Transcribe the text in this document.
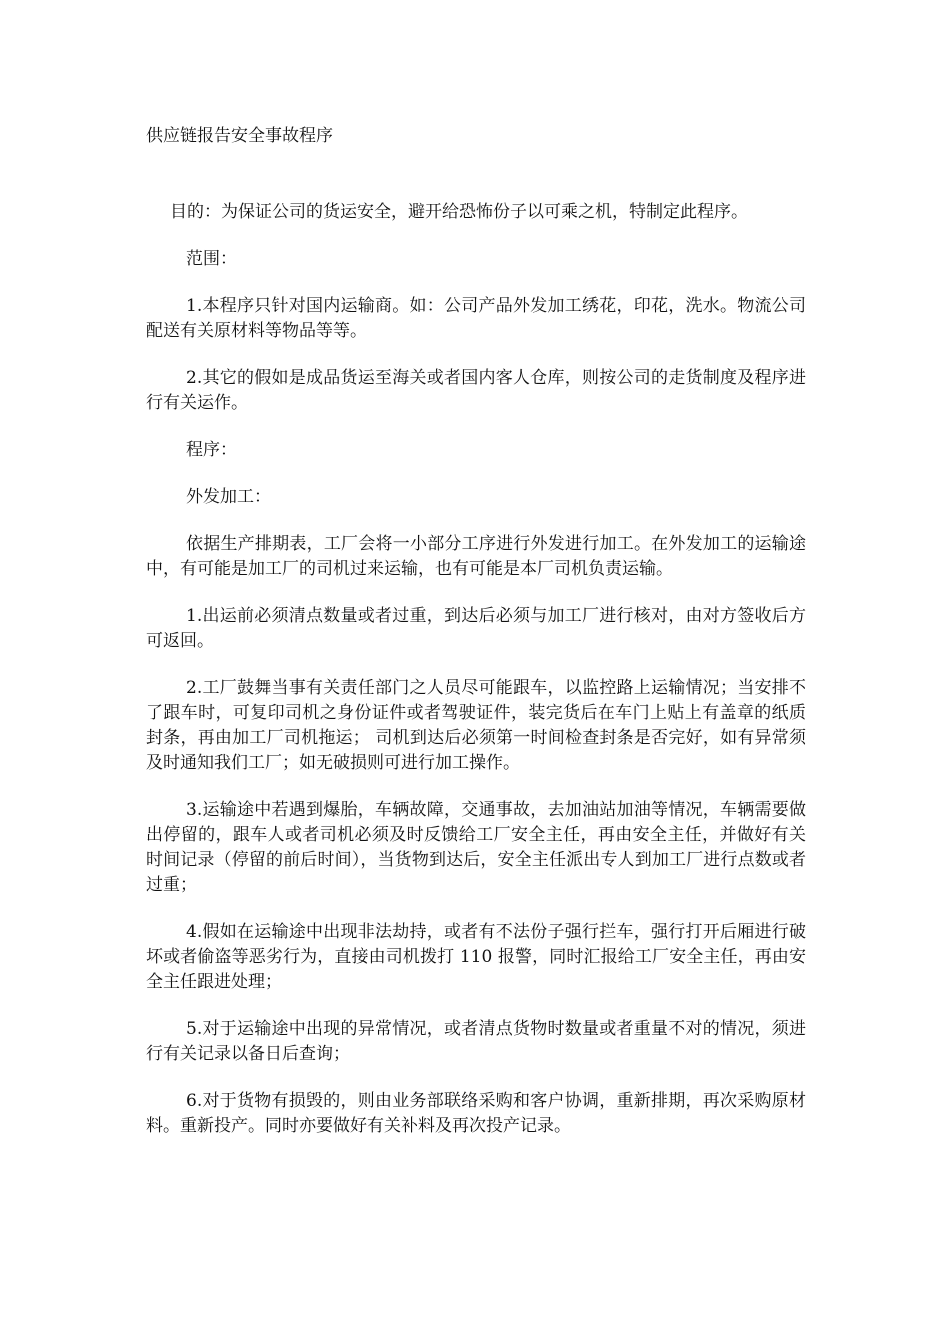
供应链报告安全事故程序

目的：为保证公司的货运安全，避开给恐怖份子以可乘之机，特制定此程序。

范围：

1.本程序只针对国内运输商。如：公司产品外发加工绣花，印花，洗水。物流公司配送有关原材料等物品等等。

2.其它的假如是成品货运至海关或者国内客人仓库，则按公司的走货制度及程序进行有关运作。

程序：

外发加工：

依据生产排期表，工厂会将一小部分工序进行外发进行加工。在外发加工的运输途中，有可能是加工厂的司机过来运输，也有可能是本厂司机负责运输。

1.出运前必须清点数量或者过重，到达后必须与加工厂进行核对，由对方签收后方可返回。

2.工厂鼓舞当事有关责任部门之人员尽可能跟车，以监控路上运输情况；当安排不了跟车时，可复印司机之身份证件或者驾驶证件，装完货后在车门上贴上有盖章的纸质封条，再由加工厂司机拖运； 司机到达后必须第一时间检查封条是否完好，如有异常须及时通知我们工厂；如无破损则可进行加工操作。

3.运输途中若遇到爆胎，车辆故障，交通事故，去加油站加油等情况，车辆需要做出停留的，跟车人或者司机必须及时反馈给工厂安全主任，再由安全主任，并做好有关时间记录（停留的前后时间），当货物到达后，安全主任派出专人到加工厂进行点数或者过重；

4.假如在运输途中出现非法劫持，或者有不法份子强行拦车，强行打开后厢进行破坏或者偷盗等恶劣行为，直接由司机拨打 110 报警，同时汇报给工厂安全主任，再由安全主任跟进处理；

5.对于运输途中出现的异常情况，或者清点货物时数量或者重量不对的情况，须进行有关记录以备日后查询；

6.对于货物有损毁的，则由业务部联络采购和客户协调，重新排期，再次采购原材料。重新投产。同时亦要做好有关补料及再次投产记录。
